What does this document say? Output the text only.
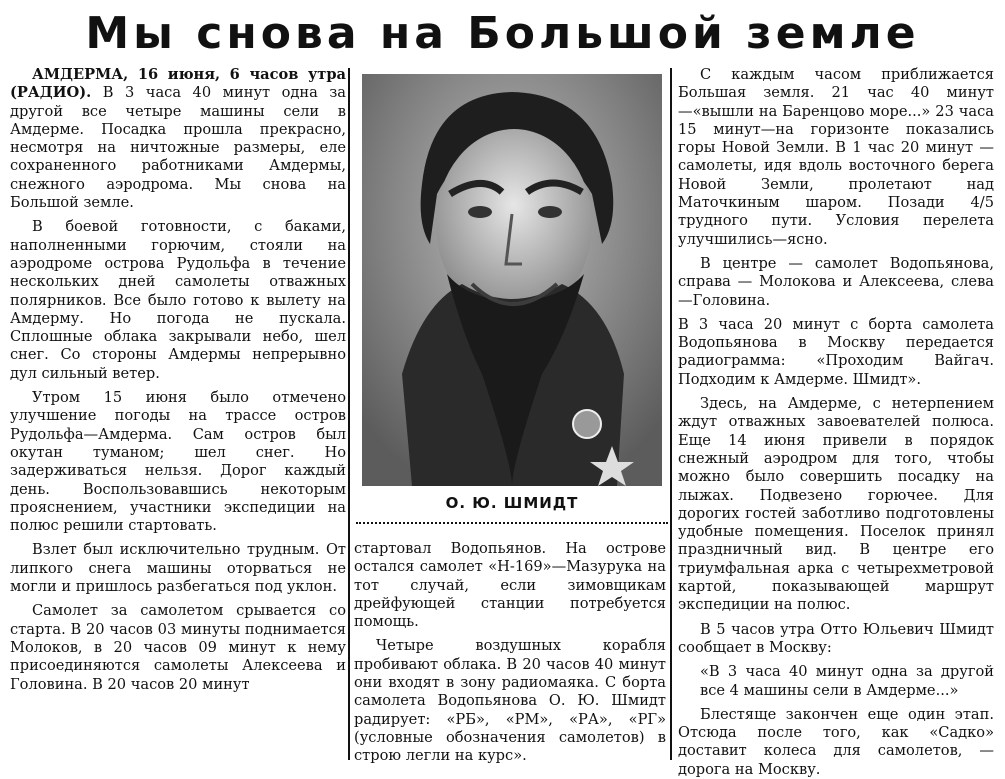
Мы снова на Большой земле

АМДЕРМА, 16 июня, 6 часов утра (РАДИО). В 3 часа 40 минут одна за другой все четыре машины сели в Амдерме. Посадка прошла прекрасно, несмотря на ничтожные размеры, еле сохраненного работниками Амдермы, снежного аэродрома. Мы снова на Большой земле.

В боевой готовности, с баками, наполненными горючим, стояли на аэродроме острова Рудольфа в течение нескольких дней самолеты отважных полярников. Все было готово к вылету на Амдерму. Но погода не пускала. Сплошные облака закрывали небо, шел снег. Со стороны Амдермы непрерывно дул сильный ветер.

Утром 15 июня было отмечено улучшение погоды на трассе остров Рудольфа—Амдерма. Сам остров был окутан туманом; шел снег. Но задерживаться нельзя. Дорог каждый день. Воспользовавшись некоторым прояснением, участники экспедиции на полюс решили стартовать.

Взлет был исключительно трудным. От липкого снега машины оторваться не могли и пришлось разбегаться под уклон.

Самолет за самолетом срывается со старта. В 20 часов 03 минуты поднимается Молоков, в 20 часов 09 минут к нему присоединяются самолеты Алексеева и Головина. В 20 часов 20 минут

О. Ю. ШМИДТ

стартовал Водопьянов. На острове остался самолет «Н-169»—Мазурука на тот случай, если зимовщикам дрейфующей станции потребуется помощь.

Четыре воздушных корабля пробивают облака. В 20 часов 40 минут они входят в зону радиомаяка. С борта самолета Водопьянова О. Ю. Шмидт радирует: «РБ», «РМ», «РА», «РГ» (условные обозначения самолетов) в строю легли на курс».

С каждым часом приближается Большая земля. 21 час 40 минут—«вышли на Баренцово море...» 23 часа 15 минут—на горизонте показались горы Новой Земли. В 1 час 20 минут — самолеты, идя вдоль восточного берега Новой Земли, пролетают над Маточкиным шаром. Позади 4/5 трудного пути. Условия перелета улучшились—ясно.

В центре — самолет Водопьянова, справа — Молокова и Алексеева, слева—Головина.

В 3 часа 20 минут с борта самолета Водопьянова в Москву передается радиограмма: «Проходим Вайгач. Подходим к Амдерме. Шмидт».

Здесь, на Амдерме, с нетерпением ждут отважных завоевателей полюса. Еще 14 июня привели в порядок снежный аэродром для того, чтобы можно было совершить посадку на лыжах. Подвезено горючее. Для дорогих гостей заботливо подготовлены удобные помещения. Поселок принял праздничный вид. В центре его триумфальная арка с четырехметровой картой, показывающей маршрут экспедиции на полюс.

В 5 часов утра Отто Юльевич Шмидт сообщает в Москву:

«В 3 часа 40 минут одна за другой все 4 машины сели в Амдерме...»

Блестяще закончен еще один этап. Отсюда после того, как «Садко» доставит колеса для самолетов, — дорога на Москву.
